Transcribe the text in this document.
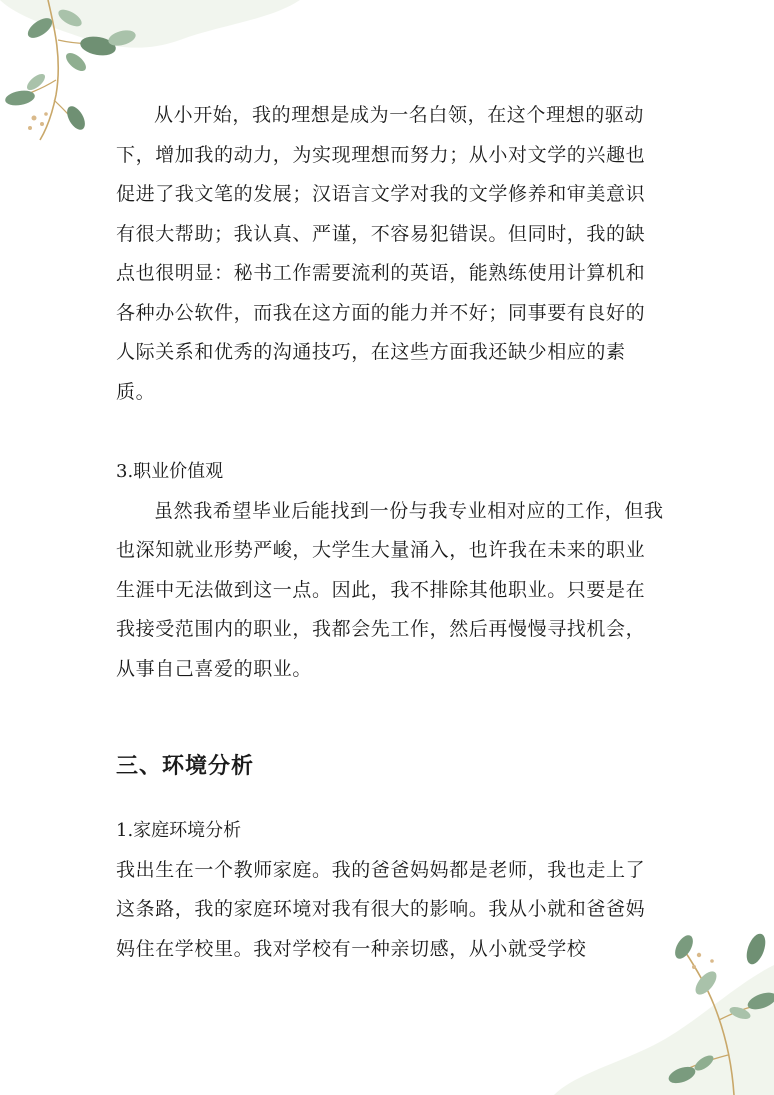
从小开始，我的理想是成为一名白领，在这个理想的驱动下，增加我的动力，为实现理想而努力；从小对文学的兴趣也促进了我文笔的发展；汉语言文学对我的文学修养和审美意识有很大帮助；我认真、严谨，不容易犯错误。但同时，我的缺点也很明显：秘书工作需要流利的英语，能熟练使用计算机和各种办公软件，而我在这方面的能力并不好；同事要有良好的人际关系和优秀的沟通技巧，在这些方面我还缺少相应的素质。

3.职业价值观

虽然我希望毕业后能找到一份与我专业相对应的工作，但我也深知就业形势严峻，大学生大量涌入，也许我在未来的职业生涯中无法做到这一点。因此，我不排除其他职业。只要是在我接受范围内的职业，我都会先工作，然后再慢慢寻找机会，从事自己喜爱的职业。

三、环境分析

1.家庭环境分析

我出生在一个教师家庭。我的爸爸妈妈都是老师，我也走上了这条路，我的家庭环境对我有很大的影响。我从小就和爸爸妈妈住在学校里。我对学校有一种亲切感，从小就受学校
